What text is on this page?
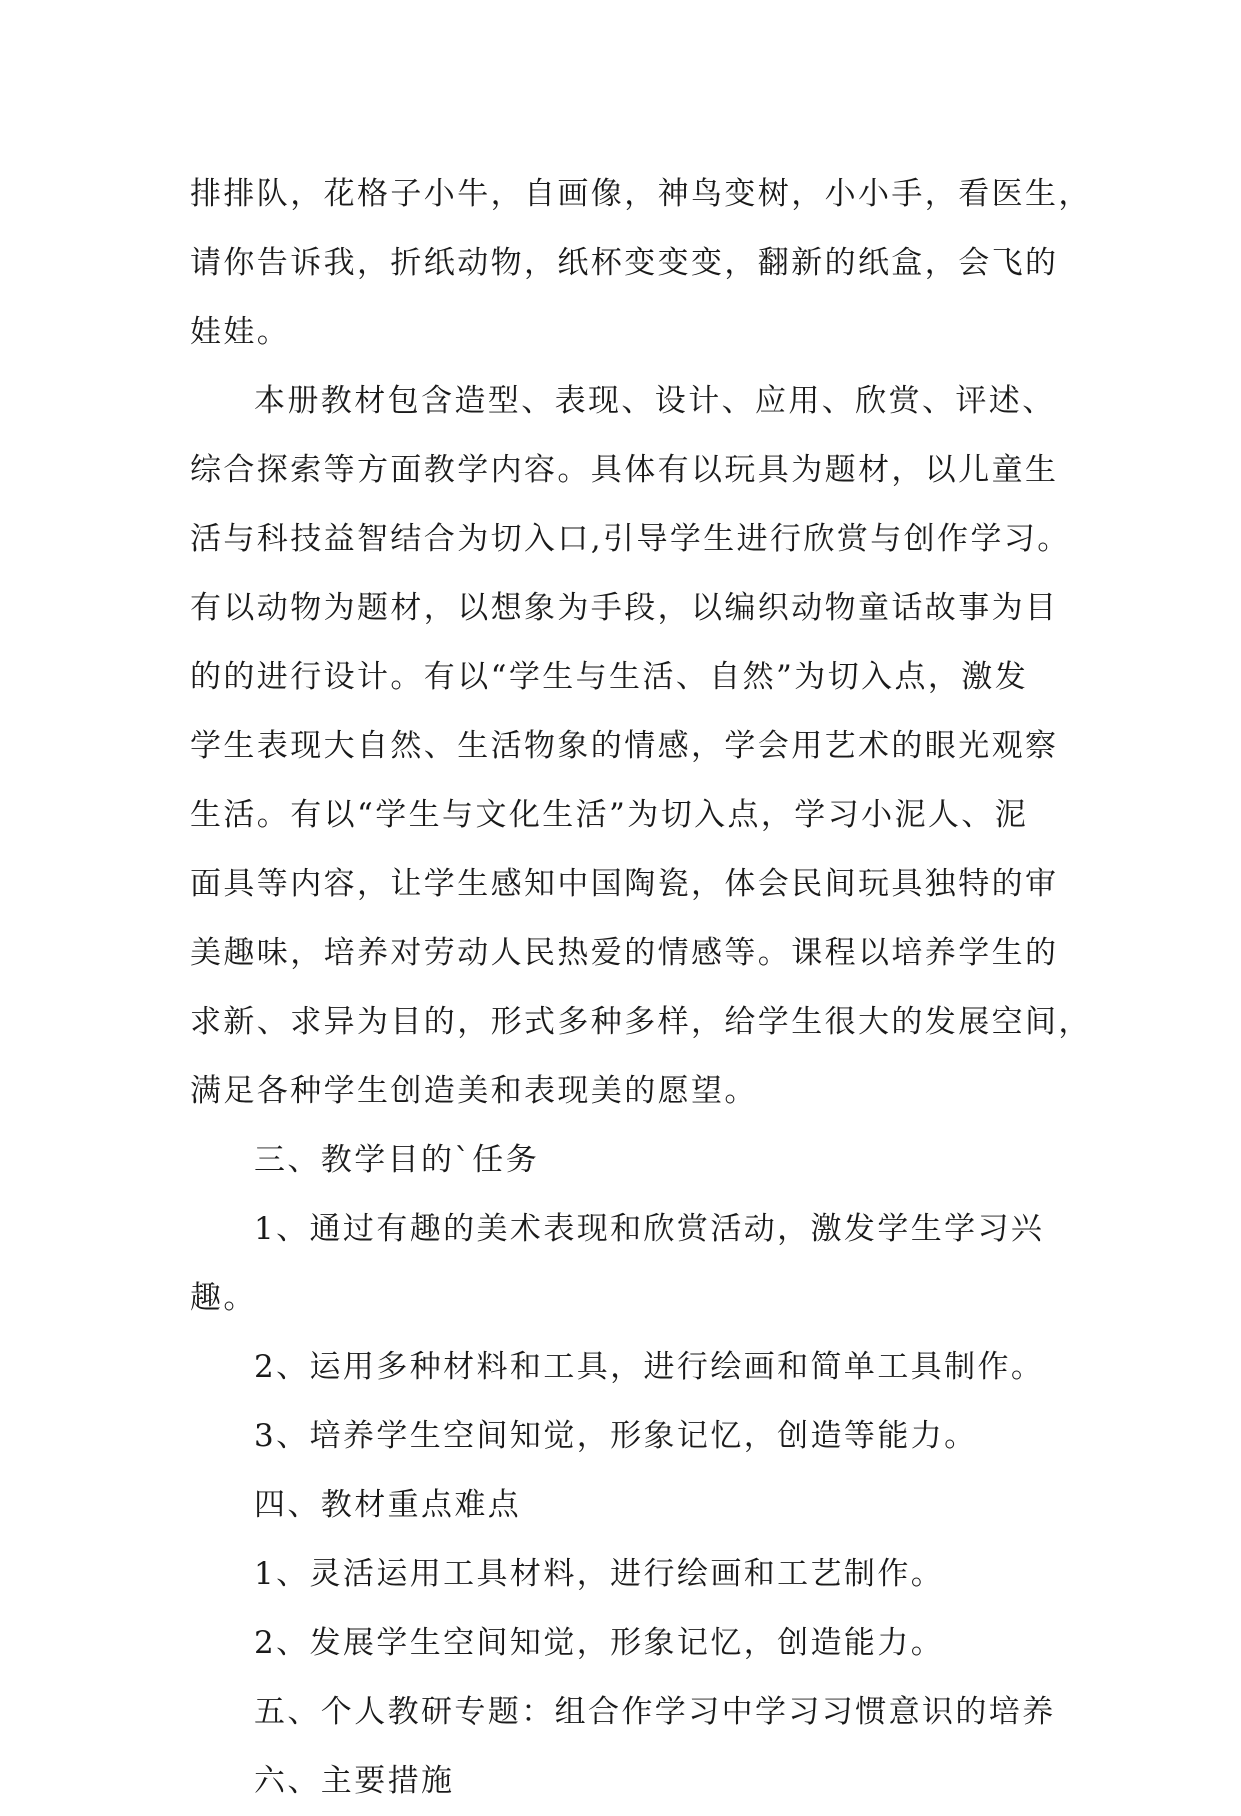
排排队，花格子小牛，自画像，神鸟变树，小小手，看医生，
请你告诉我，折纸动物，纸杯变变变，翻新的纸盒，会飞的
娃娃。
本册教材包含造型、表现、设计、应用、欣赏、评述、
综合探索等方面教学内容。具体有以玩具为题材，以儿童生
活与科技益智结合为切入口,引导学生进行欣赏与创作学习。
有以动物为题材，以想象为手段，以编织动物童话故事为目
的的进行设计。有以“学生与生活、自然”为切入点，激发
学生表现大自然、生活物象的情感，学会用艺术的眼光观察
生活。有以“学生与文化生活”为切入点，学习小泥人、泥
面具等内容，让学生感知中国陶瓷，体会民间玩具独特的审
美趣味，培养对劳动人民热爱的情感等。课程以培养学生的
求新、求异为目的，形式多种多样，给学生很大的发展空间，
满足各种学生创造美和表现美的愿望。
三、教学目的`任务
1、通过有趣的美术表现和欣赏活动，激发学生学习兴
趣。
2、运用多种材料和工具，进行绘画和简单工具制作。
3、培养学生空间知觉，形象记忆，创造等能力。
四、教材重点难点
1、灵活运用工具材料，进行绘画和工艺制作。
2、发展学生空间知觉，形象记忆，创造能力。
五、个人教研专题：组合作学习中学习习惯意识的培养
六、主要措施
